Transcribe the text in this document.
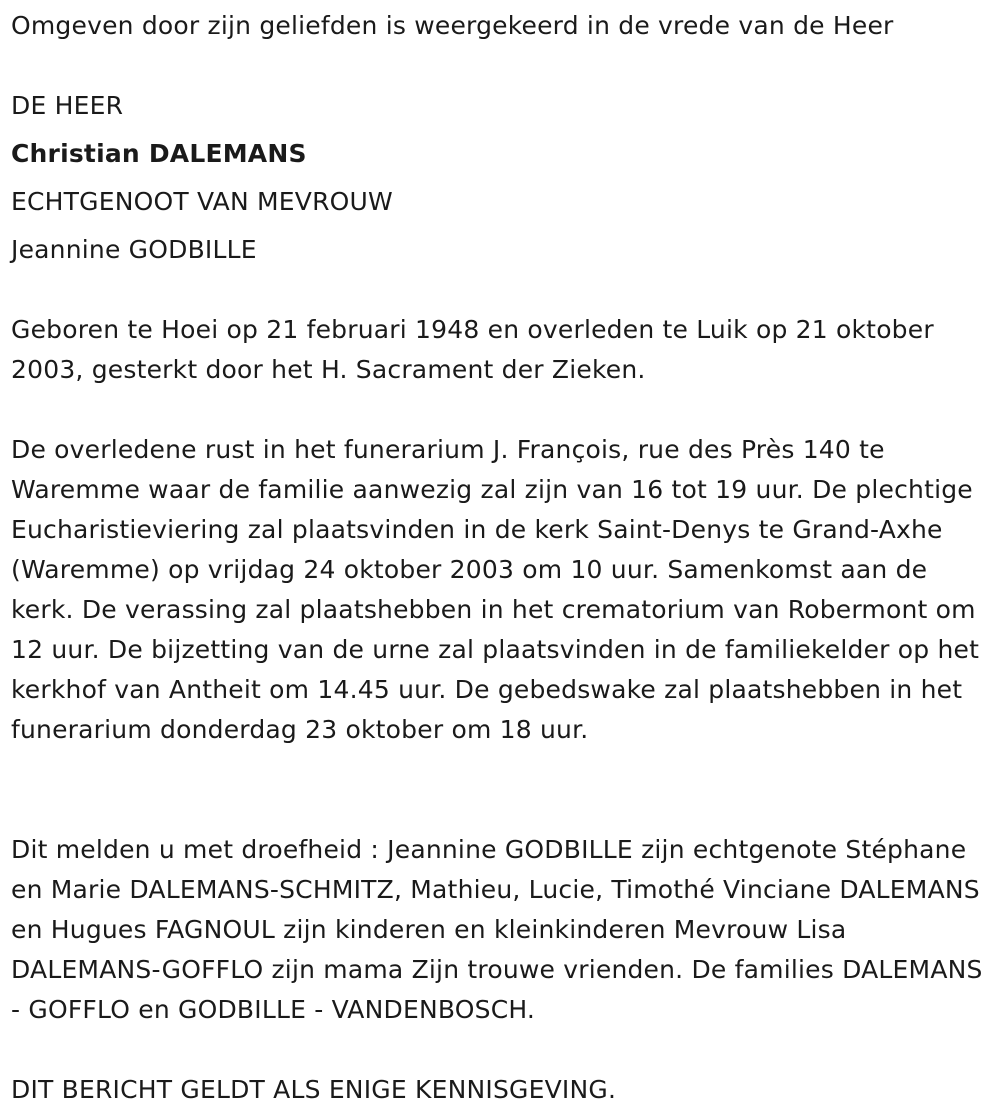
Omgeven door zijn geliefden is weergekeerd in de vrede van de Heer
DE HEER
Christian DALEMANS
ECHTGENOOT VAN MEVROUW
Jeannine GODBILLE
Geboren te Hoei op 21 februari 1948 en overleden te Luik op 21 oktober 2003, gesterkt door het H. Sacrament der Zieken.
De overledene rust in het funerarium J. François, rue des Près 140 te Waremme waar de familie aanwezig zal zijn van 16 tot 19 uur. De plechtige Eucharistieviering zal plaatsvinden in de kerk Saint-Denys te Grand-Axhe (Waremme) op vrijdag 24 oktober 2003 om 10 uur. Samenkomst aan de kerk. De verassing zal plaatshebben in het crematorium van Robermont om 12 uur. De bijzetting van de urne zal plaatsvinden in de familiekelder op het kerkhof van Antheit om 14.45 uur. De gebedswake zal plaatshebben in het funerarium donderdag 23 oktober om 18 uur.
Dit melden u met droefheid : Jeannine GODBILLE zijn echtgenote Stéphane en Marie DALEMANS-SCHMITZ, Mathieu, Lucie, Timothé Vinciane DALEMANS en Hugues FAGNOUL zijn kinderen en kleinkinderen Mevrouw Lisa DALEMANS-GOFFLO zijn mama Zijn trouwe vrienden. De families DALEMANS - GOFFLO en GODBILLE - VANDENBOSCH.
DIT BERICHT GELDT ALS ENIGE KENNISGEVING.
